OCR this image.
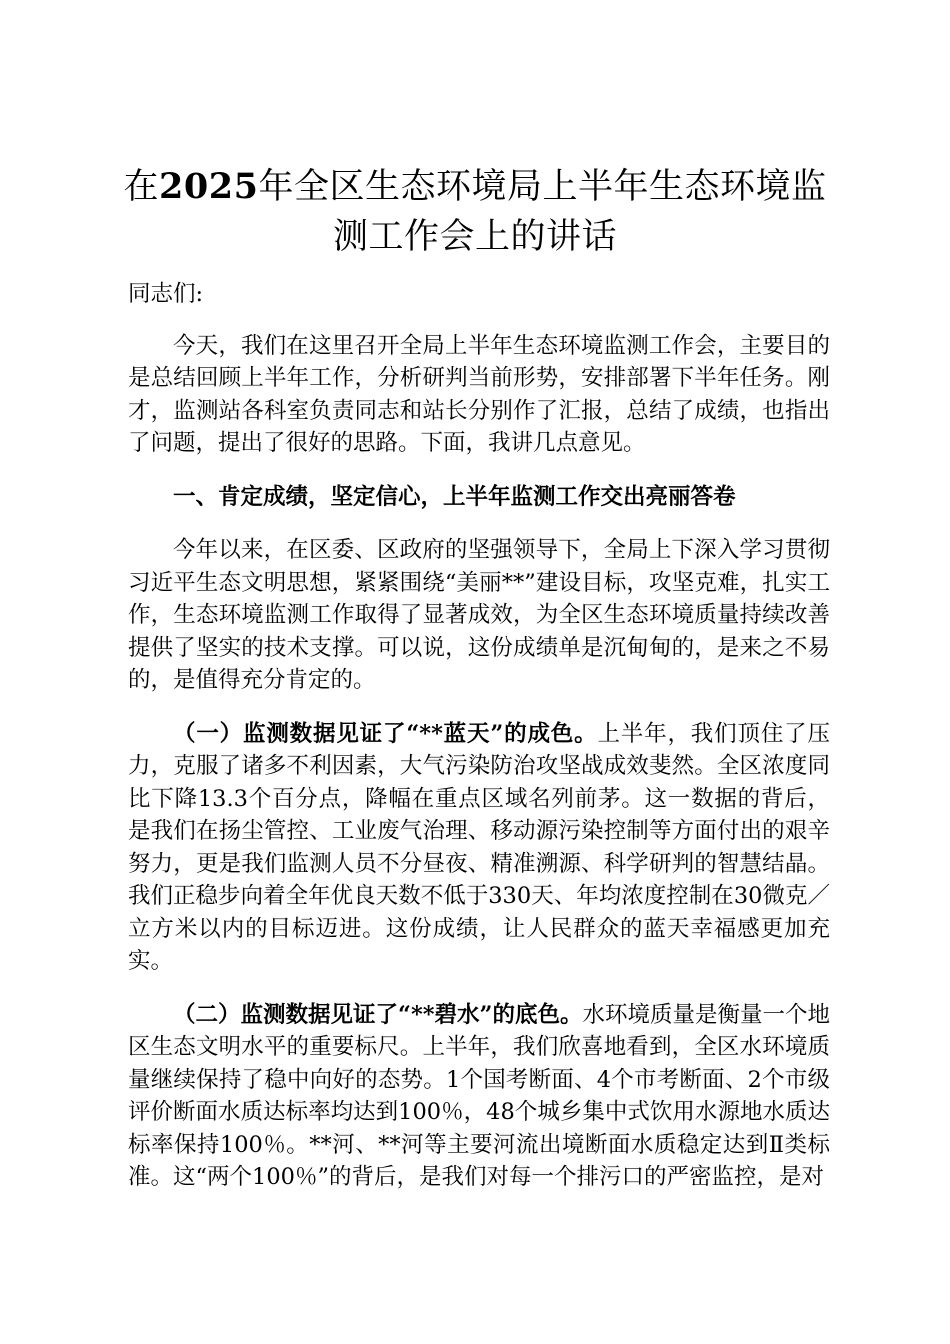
在2025年全区生态环境局上半年生态环境监
测工作会上的讲话

同志们:

今天，我们在这里召开全局上半年生态环境监测工作会，主要目的是总结回顾上半年工作，分析研判当前形势，安排部署下半年任务。刚才，监测站各科室负责同志和站长分别作了汇报，总结了成绩，也指出了问题，提出了很好的思路。下面，我讲几点意见。

一、肯定成绩，坚定信心，上半年监测工作交出亮丽答卷

今年以来，在区委、区政府的坚强领导下，全局上下深入学习贯彻习近平生态文明思想，紧紧围绕“美丽**”建设目标，攻坚克难，扎实工作，生态环境监测工作取得了显著成效，为全区生态环境质量持续改善提供了坚实的技术支撑。可以说，这份成绩单是沉甸甸的，是来之不易的，是值得充分肯定的。

（一）监测数据见证了“**蓝天”的成色。上半年，我们顶住了压力，克服了诸多不利因素，大气污染防治攻坚战成效斐然。全区浓度同比下降13.3个百分点，降幅在重点区域名列前茅。这一数据的背后，是我们在扬尘管控、工业废气治理、移动源污染控制等方面付出的艰辛努力，更是我们监测人员不分昼夜、精准溯源、科学研判的智慧结晶。我们正稳步向着全年优良天数不低于330天、年均浓度控制在30微克／立方米以内的目标迈进。这份成绩，让人民群众的蓝天幸福感更加充实。

（二）监测数据见证了“**碧水”的底色。水环境质量是衡量一个地区生态文明水平的重要标尺。上半年，我们欣喜地看到，全区水环境质量继续保持了稳中向好的态势。1个国考断面、4个市考断面、2个市级评价断面水质达标率均达到100％，48个城乡集中式饮用水源地水质达标率保持100％。**河、**河等主要河流出境断面水质稳定达到Ⅱ类标准。这“两个100％”的背后，是我们对每一个排污口的严密监控，是对
